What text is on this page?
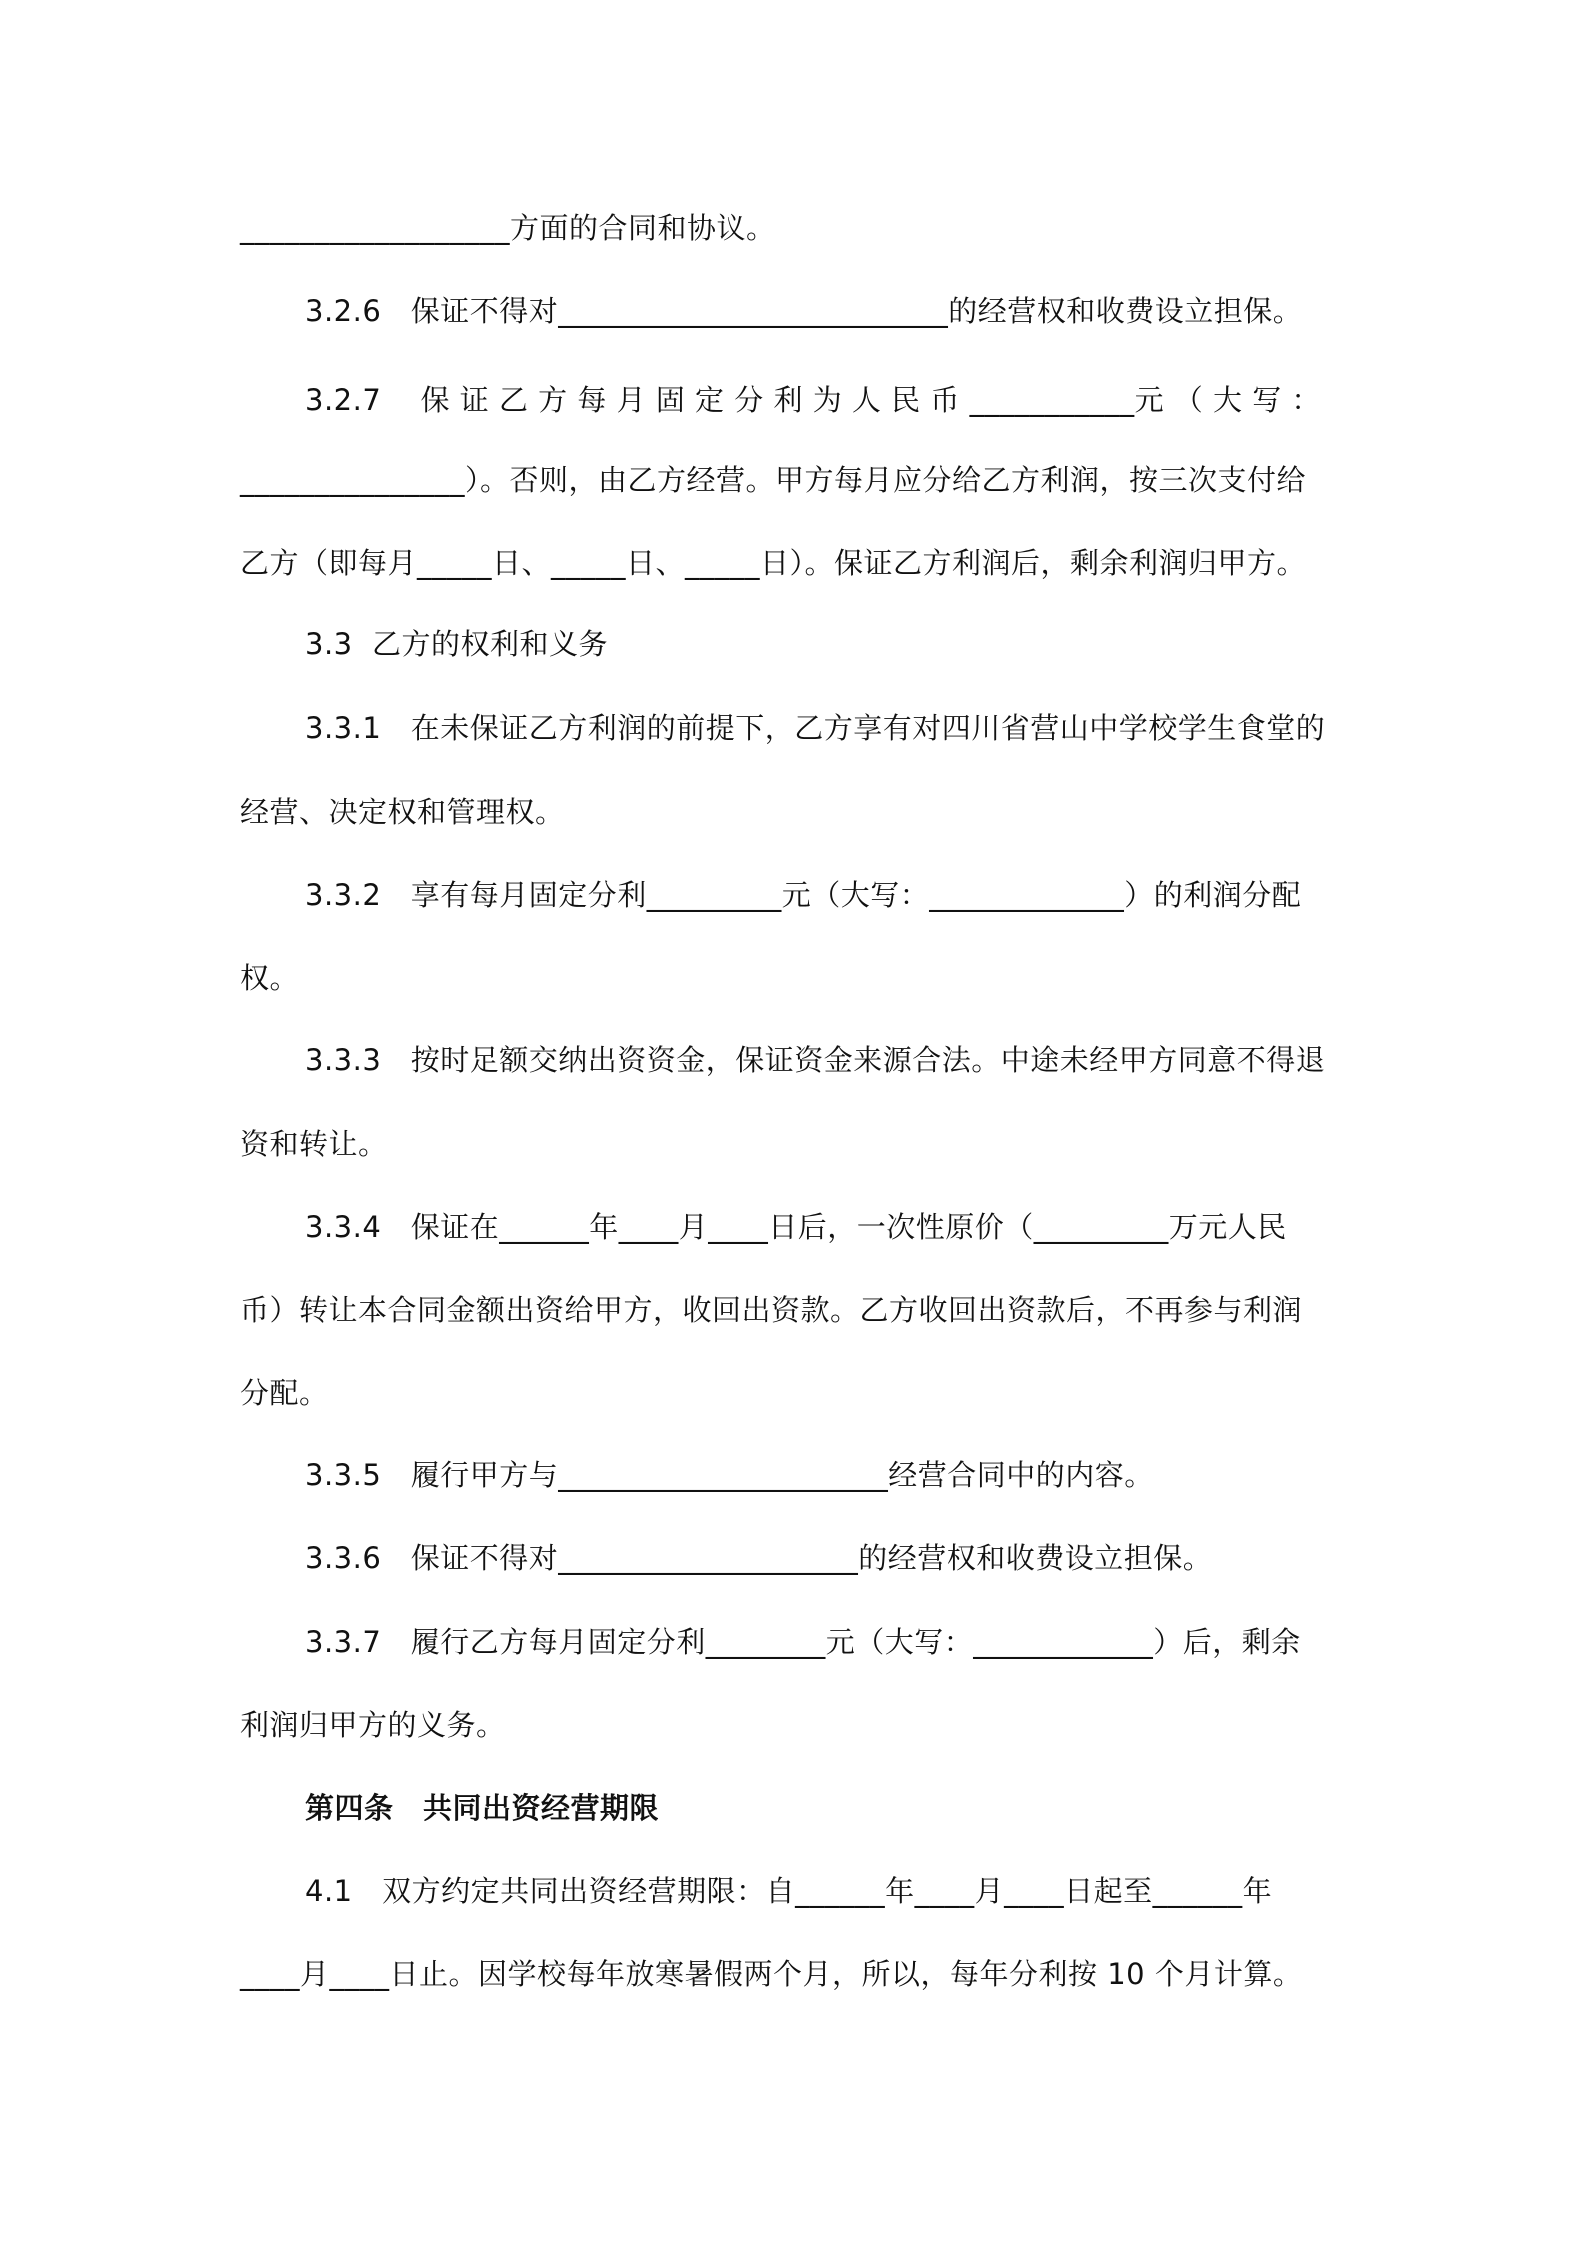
__________________方面的合同和协议。
3.2.6　保证不得对__________________________的经营权和收费设立担保。
3.2.7　 保 证 乙 方 每 月 固 定 分 利 为 人 民 币 ___________元 （ 大 写 ：
_______________）。否则，由乙方经营。甲方每月应分给乙方利润，按三次支付给
乙方（即每月_____日、_____日、_____日）。保证乙方利润后，剩余利润归甲方。
3.3  乙方的权利和义务
3.3.1　在未保证乙方利润的前提下，乙方享有对四川省营山中学校学生食堂的
经营、决定权和管理权。
3.3.2　享有每月固定分利_________元（大写：_____________）的利润分配
权。
3.3.3　按时足额交纳出资资金，保证资金来源合法。中途未经甲方同意不得退
资和转让。
3.3.4　保证在______年____月____日后，一次性原价（_________万元人民
币）转让本合同金额出资给甲方，收回出资款。乙方收回出资款后，不再参与利润
分配。
3.3.5　履行甲方与______________________经营合同中的内容。
3.3.6　保证不得对____________________的经营权和收费设立担保。
3.3.7　履行乙方每月固定分利________元（大写：____________）后，剩余
利润归甲方的义务。
第四条　共同出资经营期限
4.1　双方约定共同出资经营期限：自______年____月____日起至______年
____月____日止。因学校每年放寒暑假两个月，所以，每年分利按 10 个月计算。
